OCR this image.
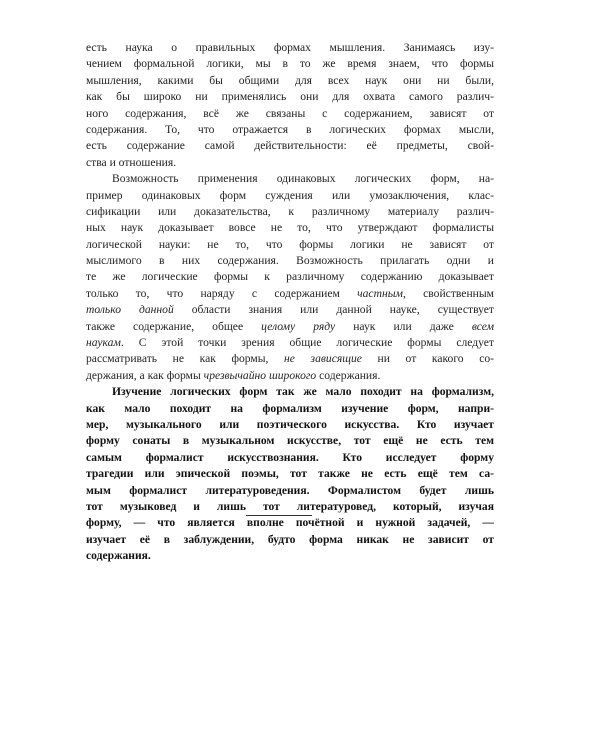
есть наука о правильных формах мышления. Занимаясь изу-
чением формальной логики, мы в то же время знаем, что формы
мышления, какими бы общими для всех наук они ни были,
как бы широко ни применялись они для охвата самого различ-
ного содержания, всё же связаны с содержанием, зависят от
содержания. То, что отражается в логических формах мысли,
есть содержание самой действительности: её предметы, свой-
ства и отношения.
Возможность применения одинаковых логических форм, на-
пример одинаковых форм суждения или умозаключения, клас-
сификации или доказательства, к различному материалу различ-
ных наук доказывает вовсе не то, что утверждают формалисты
логической науки: не то, что формы логики не зависят от
мыслимого в них содержания. Возможность прилагать одни и
те же логические формы к различному содержанию доказывает
только то, что наряду с содержанием частным, свойственным
только данной области знания или данной науке, существует
также содержание, общее целому ряду наук или даже всем
наукам. С этой точки зрения общие логические формы следует
рассматривать не как формы, не зависящие ни от какого со-
держания, а как формы чрезвычайно широкого содержания.
Изучение логических форм так же мало походит на формализм,
как мало походит на формализм изучение форм, напри-
мер, музыкального или поэтического искусства. Кто изучает
форму сонаты в музыкальном искусстве, тот ещё не есть тем
самым формалист искусствознания. Кто исследует форму
трагедии или эпической поэмы, тот также не есть ещё тем са-
мым формалист литературоведения. Формалистом будет лишь
тот музыковед и лишь тот литературовед, который, изучая
форму, — что является вполне почётной и нужной задачей, —
изучает её в заблуждении, будто форма никак не зависит от
содержания.
